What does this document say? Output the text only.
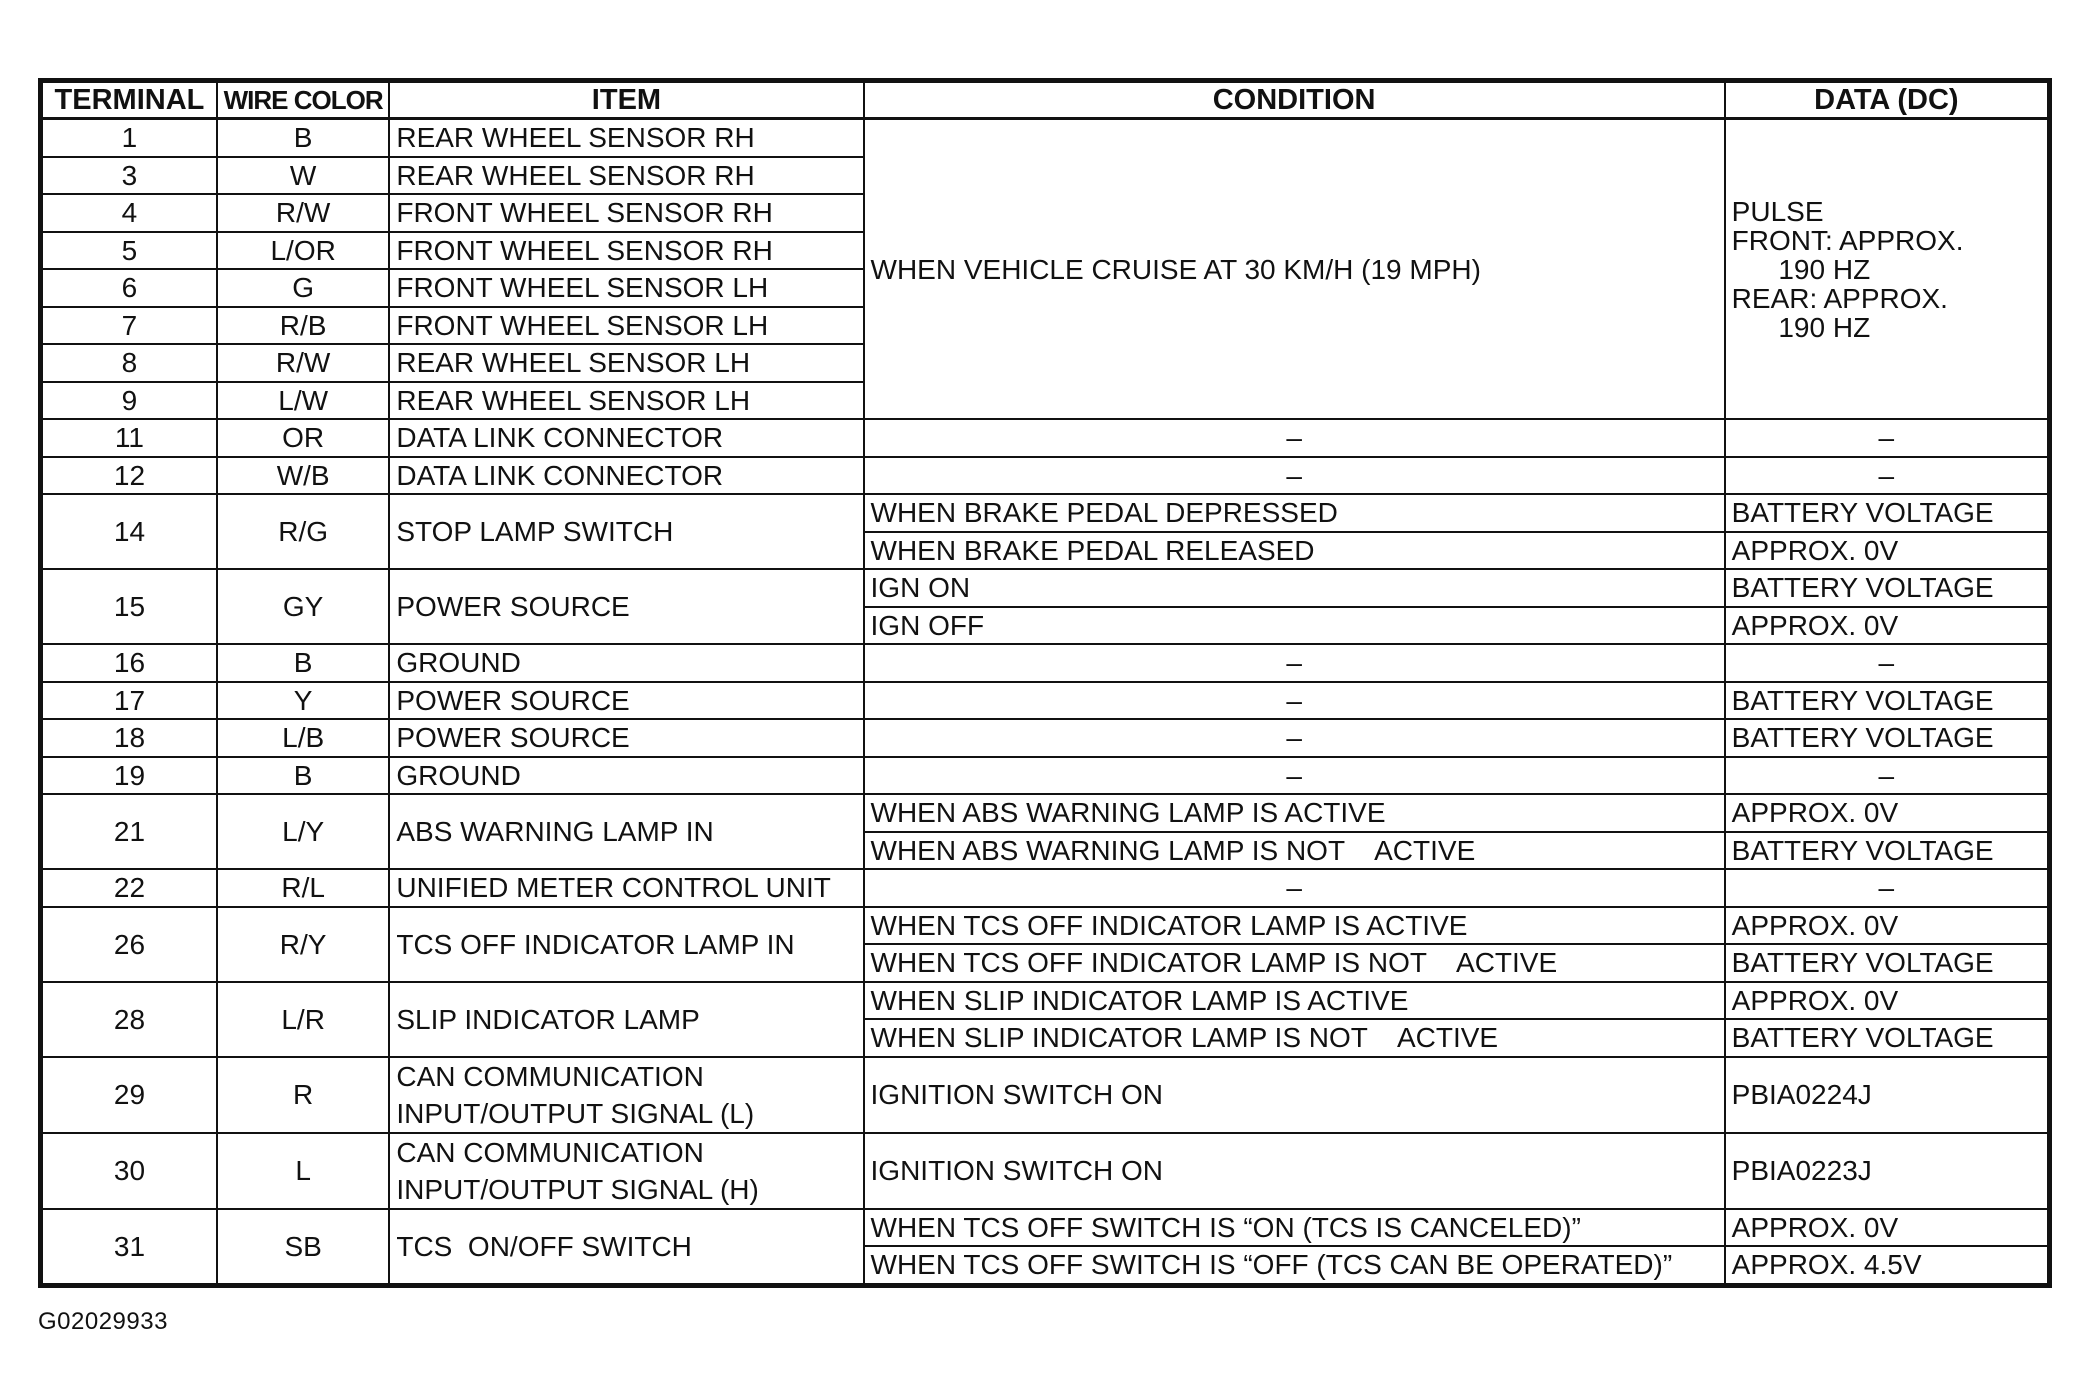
TERMINAL	WIRE COLOR	ITEM	CONDITION	DATA (DC)
1	B	REAR WHEEL SENSOR RH	WHEN VEHICLE CRUISE AT 30 KM/H (19 MPH)	PULSE
FRONT: APPROX.
190 HZ
REAR: APPROX.
190 HZ

3	W	REAR WHEEL SENSOR RH		
4	R/W	FRONT WHEEL SENSOR RH		
5	L/OR	FRONT WHEEL SENSOR RH		
6	G	FRONT WHEEL SENSOR LH		
7	R/B	FRONT WHEEL SENSOR LH		
8	R/W	REAR WHEEL SENSOR LH		
9	L/W	REAR WHEEL SENSOR LH		
11	OR	DATA LINK CONNECTOR	–	–
12	W/B	DATA LINK CONNECTOR	–	–
14	R/G	STOP LAMP SWITCH	WHEN BRAKE PEDAL DEPRESSED	BATTERY VOLTAGE
			WHEN BRAKE PEDAL RELEASED	APPROX. 0V
15	GY	POWER SOURCE	IGN ON	BATTERY VOLTAGE
			IGN OFF	APPROX. 0V
16	B	GROUND	–	–
17	Y	POWER SOURCE	–	BATTERY VOLTAGE
18	L/B	POWER SOURCE	–	BATTERY VOLTAGE
19	B	GROUND	–	–
21	L/Y	ABS WARNING LAMP IN	WHEN ABS WARNING LAMP IS ACTIVE	APPROX. 0V
			WHEN ABS WARNING LAMP IS NOT    ACTIVE	BATTERY VOLTAGE
22	R/L	UNIFIED METER CONTROL UNIT	–	–
26	R/Y	TCS OFF INDICATOR LAMP IN	WHEN TCS OFF INDICATOR LAMP IS ACTIVE	APPROX. 0V
			WHEN TCS OFF INDICATOR LAMP IS NOT    ACTIVE	BATTERY VOLTAGE
28	L/R	SLIP INDICATOR LAMP	WHEN SLIP INDICATOR LAMP IS ACTIVE	APPROX. 0V
			WHEN SLIP INDICATOR LAMP IS NOT    ACTIVE	BATTERY VOLTAGE
29	R	CAN COMMUNICATION INPUT/OUTPUT SIGNAL (L)	IGNITION SWITCH ON	PBIA0224J
30	L	CAN COMMUNICATION INPUT/OUTPUT SIGNAL (H)	IGNITION SWITCH ON	PBIA0223J
31	SB	TCS  ON/OFF SWITCH	WHEN TCS OFF SWITCH IS “ON (TCS IS CANCELED)”	APPROX. 0V
			WHEN TCS OFF SWITCH IS “OFF (TCS CAN BE OPERATED)”	APPROX. 4.5V
G02029933
